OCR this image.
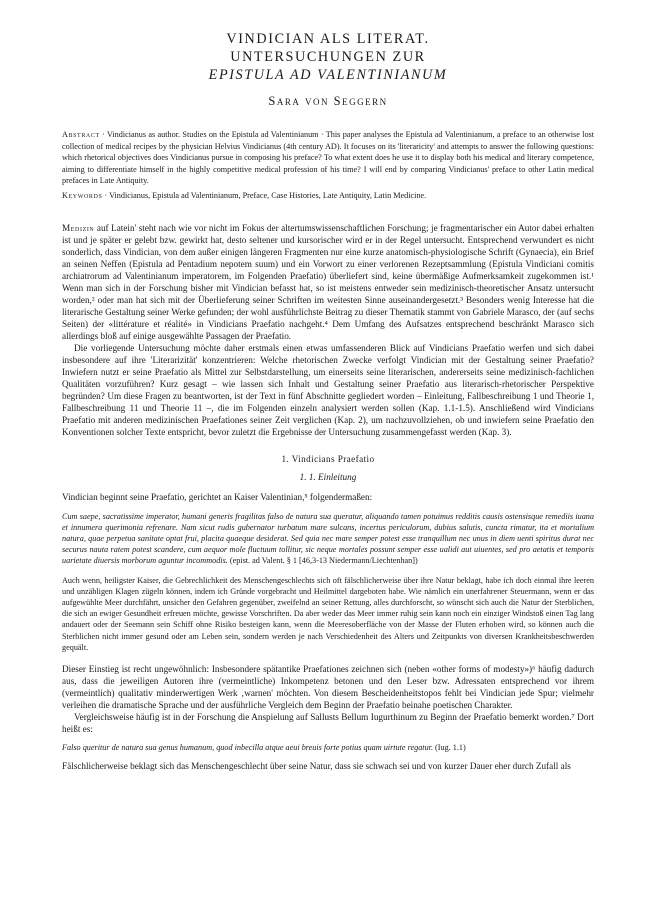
VINDICIAN ALS LITERAT.
UNTERSUCHUNGEN ZUR
EPISTULA AD VALENTINIANUM
Sara von Seggern
Abstract · Vindicianus as author. Studies on the Epistula ad Valentinianum · This paper analyses the Epistula ad Valentinianum, a preface to an otherwise lost collection of medical recipes by the physician Helvius Vindicianus (4th century AD). It focuses on its 'literaricity' and attempts to answer the following questions: which rhetorical objectives does Vindicianus pursue in composing his preface? To what extent does he use it to display both his medical and literary competence, aiming to differentiate himself in the highly competitive medical profession of his time? I will end by comparing Vindicianus' preface to other Latin medical prefaces in Late Antiquity.
Keywords · Vindicianus, Epistula ad Valentinianum, Preface, Case Histories, Late Antiquity, Latin Medicine.

Medizin auf Latein' steht nach wie vor nicht im Fokus der altertumswissenschaftlichen Forschung; je fragmentarischer ein Autor dabei erhalten ist und je später er gelebt bzw. gewirkt hat, desto seltener und kursorischer wird er in der Regel untersucht. Entsprechend verwundert es nicht sonderlich, dass Vindician, von dem außer einigen längeren Fragmenten nur eine kurze anatomisch-physiologische Schrift (Gynaecia), ein Brief an seinen Neffen (Epistula ad Pentadium nepotem suum) und ein Vorwort zu einer verlorenen Rezeptsammlung (Epistula Vindiciani comitis archiatrorum ad Valentinianum imperatorem, im Folgenden Praefatio) überliefert sind, keine übermäßige Aufmerksamkeit zugekommen ist.¹ Wenn man sich in der Forschung bisher mit Vindician befasst hat, so ist meistens entweder sein medizinisch-theoretischer Ansatz untersucht worden,² oder man hat sich mit der Überlieferung seiner Schriften im weitesten Sinne auseinandergesetzt.³ Besonders wenig Interesse hat die literarische Gestaltung seiner Werke gefunden; der wohl ausführlichste Beitrag zu dieser Thematik stammt von Gabriele Marasco, der (auf sechs Seiten) der «littérature et réalité» in Vindicians Praefatio nachgeht.⁴ Dem Umfang des Aufsatzes entsprechend beschränkt Marasco sich allerdings bloß auf einige ausgewählte Passagen der Praefatio.

Die vorliegende Untersuchung möchte daher erstmals einen etwas umfassenderen Blick auf Vindicians Praefatio werfen und sich dabei insbesondere auf ihre 'Literarizität' konzentrieren: Welche rhetorischen Zwecke verfolgt Vindician mit der Gestaltung seiner Praefatio? Inwiefern nutzt er seine Praefatio als Mittel zur Selbstdarstellung, um einerseits seine literarischen, andererseits seine medizinisch-fachlichen Qualitäten vorzuführen? Kurz gesagt – wie lassen sich Inhalt und Gestaltung seiner Praefatio aus literarisch-rhetorischer Perspektive begründen? Um diese Fragen zu beantworten, ist der Text in fünf Abschnitte gegliedert worden – Einleitung, Fallbeschreibung 1 und Theorie 1, Fallbeschreibung 11 und Theorie 11 –, die im Folgenden einzeln analysiert werden sollen (Kap. 1.1-1.5). Anschließend wird Vindicians Praefatio mit anderen medizinischen Praefationes seiner Zeit verglichen (Kap. 2), um nachzuvollziehen, ob und inwiefern seine Praefatio den Konventionen solcher Texte entspricht, bevor zuletzt die Ergebnisse der Untersuchung zusammengefasst werden (Kap. 3).

1. Vindicians Praefatio
1. 1. Einleitung

Vindician beginnt seine Praefatio, gerichtet an Kaiser Valentinian,⁵ folgendermaßen:

Cum saepe, sacratissime imperator, humani generis fragilitas falso de natura sua queratur, aliquando tamen potuimus redditis causis ostensisque remediis iuana et innumera querimonia refrenare. Nam sicut rudis gubernator turbatum mare sulcans, incertus periculorum, dubius salutis, cuncta rimatur, ita et mortalium natura, quae perpetua sanitate optat frui, placita quaeque desiderat. Sed quia nec mare semper potest esse tranquillum nec unus in diem uenti spiritus durat nec securus nauta ratem potest scandere, cum aequor mole fluctuum tollitur, sic neque mortales possunt semper esse ualidi aut uiuentes, sed pro aetatis et temporis uarietate diuersis morborum aguntur incommodis. (epist. ad Valent. § 1 [46,3-13 Niedermann/Liechtenhan])
Auch wenn, heiligster Kaiser, die Gebrechlichkeit des Menschengeschlechts sich oft fälschlicherweise über ihre Natur beklagt, habe ich doch einmal ihre leeren und unzähligen Klagen zügeln können, indem ich Gründe vorgebracht und Heilmittel dargeboten habe. Wie nämlich ein unerfahrener Steuermann, wenn er das aufgewühlte Meer durchfährt, unsicher den Gefahren gegenüber, zweifelnd an seiner Rettung, alles durchforscht, so wünscht sich auch die Natur der Sterblichen, die sich an ewiger Gesundheit erfreuen möchte, gewisse Vorschriften. Da aber weder das Meer immer ruhig sein kann noch ein einziger Windstoß einen Tag lang andauert oder der Seemann sein Schiff ohne Risiko besteigen kann, wenn die Meeresoberfläche von der Masse der Fluten erhoben wird, so können auch die Sterblichen nicht immer gesund oder am Leben sein, sondern werden je nach Verschiedenheit des Alters und Zeitpunkts von diversen Krankheitsbeschwerden gequält.

Dieser Einstieg ist recht ungewöhnlich: Insbesondere spätantike Praefationes zeichnen sich (neben «other forms of modesty»)⁶ häufig dadurch aus, dass die jeweiligen Autoren ihre (vermeintliche) Inkompetenz betonen und den Leser bzw. Adressaten entsprechend vor ihrem (vermeintlich) qualitativ minderwertigen Werk ‚warnen' möchten. Von diesem Bescheidenheitstopos fehlt bei Vindician jede Spur; vielmehr verleihen die dramatische Sprache und der ausführliche Vergleich dem Beginn der Praefatio beinahe poetischen Charakter.

Vergleichsweise häufig ist in der Forschung die Anspielung auf Sallusts Bellum Iugurthinum zu Beginn der Praefatio bemerkt worden.⁷ Dort heißt es:

Falso queritur de natura sua genus humanum, quod inbecilla atque aeui breuis forte potius quam uirtute regatur. (Iug. 1.1)

Fälschlicherweise beklagt sich das Menschengeschlecht über seine Natur, dass sie schwach sei und von kurzer Dauer eher durch Zufall als
